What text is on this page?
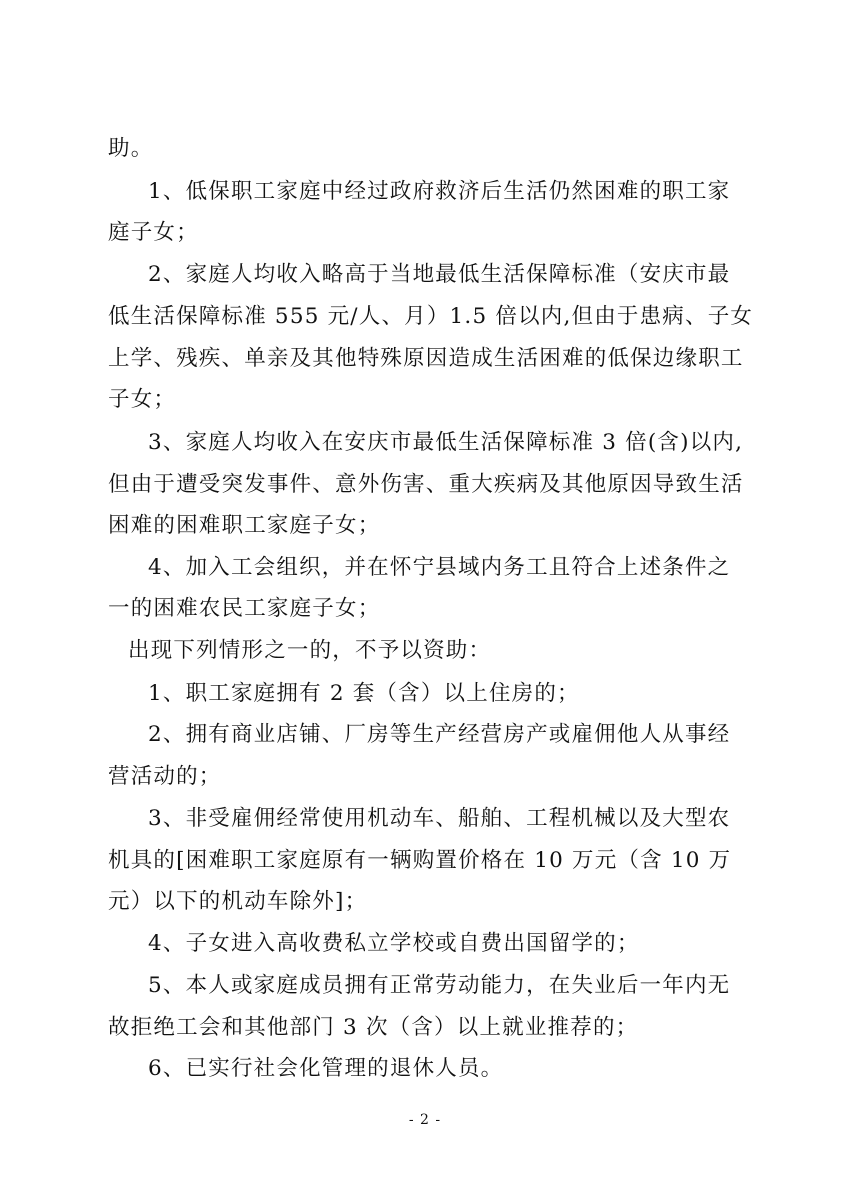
助。
1、低保职工家庭中经过政府救济后生活仍然困难的职工家
庭子女；
2、家庭人均收入略高于当地最低生活保障标准（安庆市最
低生活保障标准 555 元/人、月）1.5 倍以内,但由于患病、子女
上学、残疾、单亲及其他特殊原因造成生活困难的低保边缘职工
子女；
3、家庭人均收入在安庆市最低生活保障标准 3 倍(含)以内,
但由于遭受突发事件、意外伤害、重大疾病及其他原因导致生活
困难的困难职工家庭子女；
4、加入工会组织，并在怀宁县域内务工且符合上述条件之
一的困难农民工家庭子女；
出现下列情形之一的，不予以资助：
1、职工家庭拥有 2 套（含）以上住房的；
2、拥有商业店铺、厂房等生产经营房产或雇佣他人从事经
营活动的；
3、非受雇佣经常使用机动车、船舶、工程机械以及大型农
机具的[困难职工家庭原有一辆购置价格在 10 万元（含 10 万
元）以下的机动车除外]；
4、子女进入高收费私立学校或自费出国留学的；
5、本人或家庭成员拥有正常劳动能力，在失业后一年内无
故拒绝工会和其他部门 3 次（含）以上就业推荐的；
6、已实行社会化管理的退休人员。
- 2 -
